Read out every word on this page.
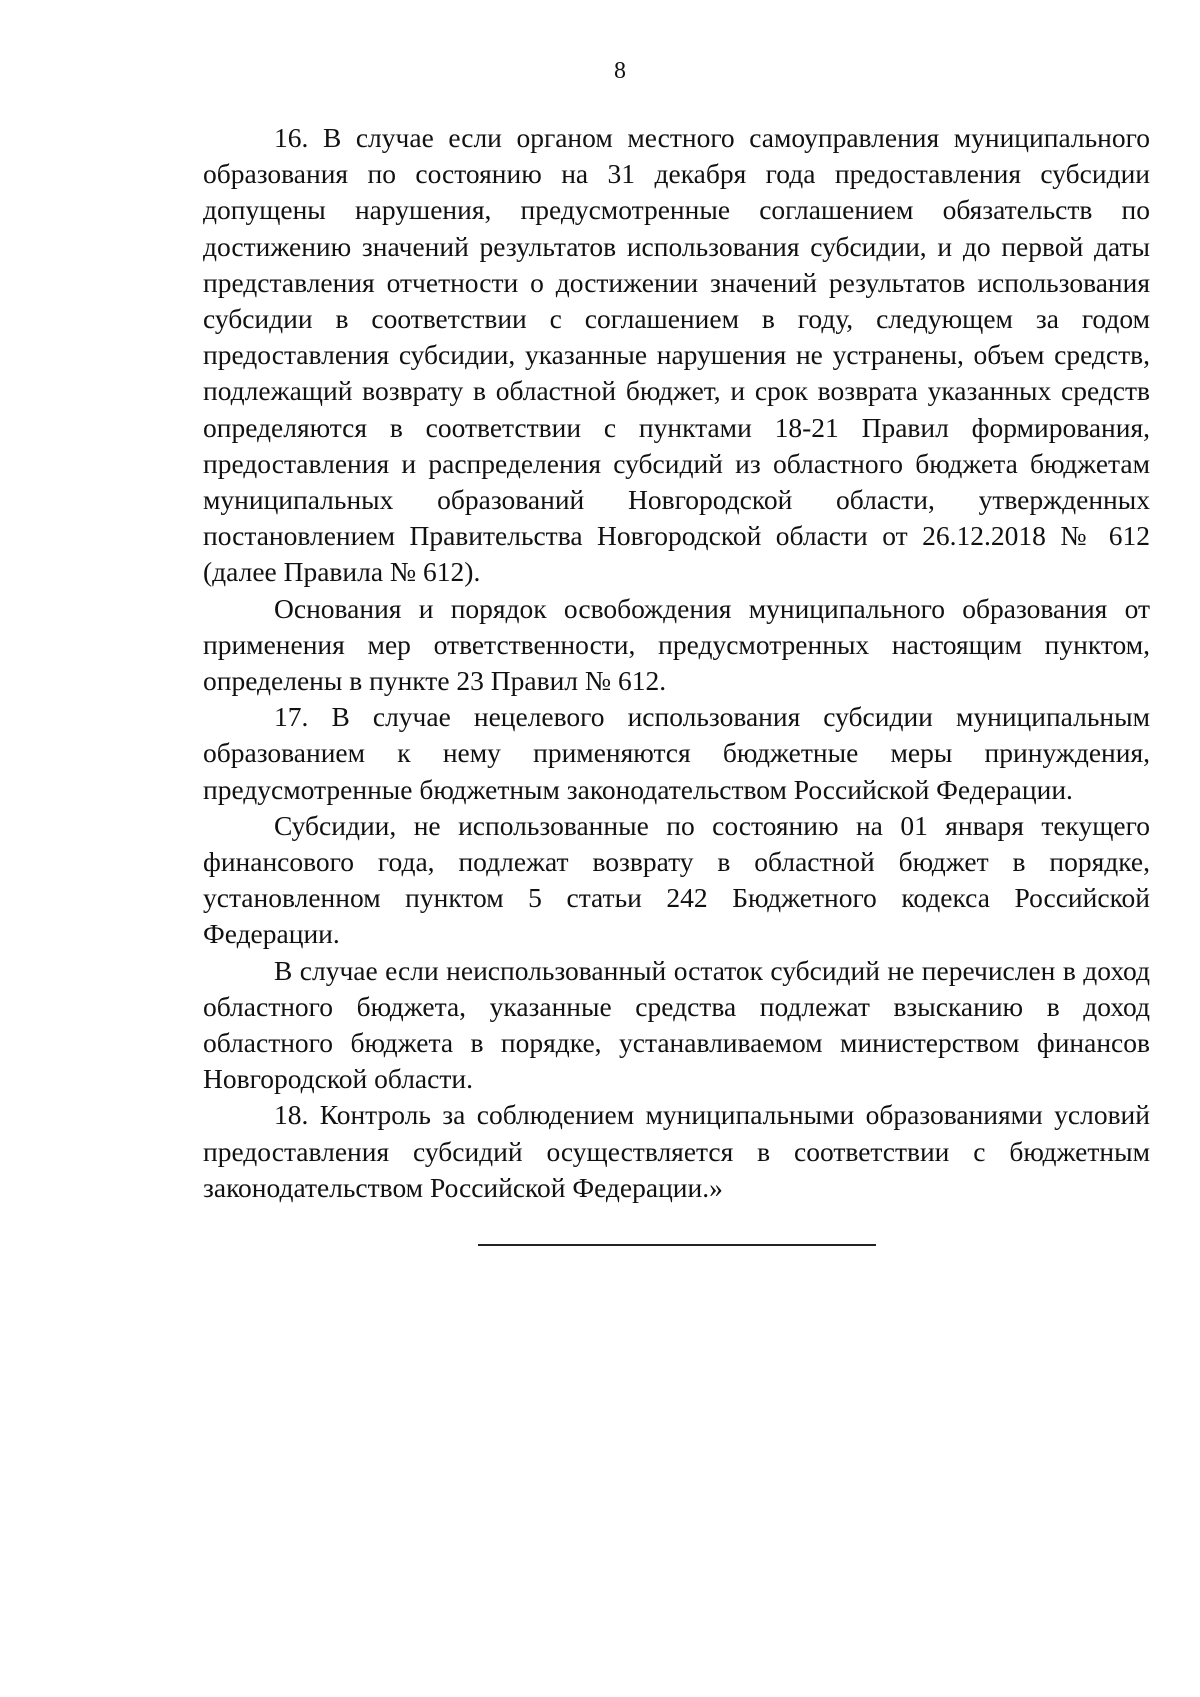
8

16. В случае если органом местного самоуправления муниципального образования по состоянию на 31 декабря года предоставления субсидии допущены нарушения, предусмотренные соглашением обязательств по достижению значений результатов использования субсидии, и до первой даты представления отчетности о достижении значений результатов использования субсидии в соответствии с соглашением в году, следующем за годом предоставления субсидии, указанные нарушения не устранены, объем средств, подлежащий возврату в областной бюджет, и срок возврата указанных средств определяются в соответствии с пунктами 18-21 Правил формирования, предоставления и распределения субсидий из областного бюджета бюджетам муниципальных образований Новгородской области, утвержденных постановлением Правительства Новгородской области от 26.12.2018 № 612 (далее Правила № 612).

Основания и порядок освобождения муниципального образования от применения мер ответственности, предусмотренных настоящим пунктом, определены в пункте 23 Правил № 612.

17. В случае нецелевого использования субсидии муниципальным образованием к нему применяются бюджетные меры принуждения, предусмотренные бюджетным законодательством Российской Федерации.

Субсидии, не использованные по состоянию на 01 января текущего финансового года, подлежат возврату в областной бюджет в порядке, установленном пунктом 5 статьи 242 Бюджетного кодекса Российской Федерации.

В случае если неиспользованный остаток субсидий не перечислен в доход областного бюджета, указанные средства подлежат взысканию в доход областного бюджета в порядке, устанавливаемом министерством финансов Новгородской области.

18. Контроль за соблюдением муниципальными образованиями условий предоставления субсидий осуществляется в соответствии с бюджетным законодательством Российской Федерации.»
